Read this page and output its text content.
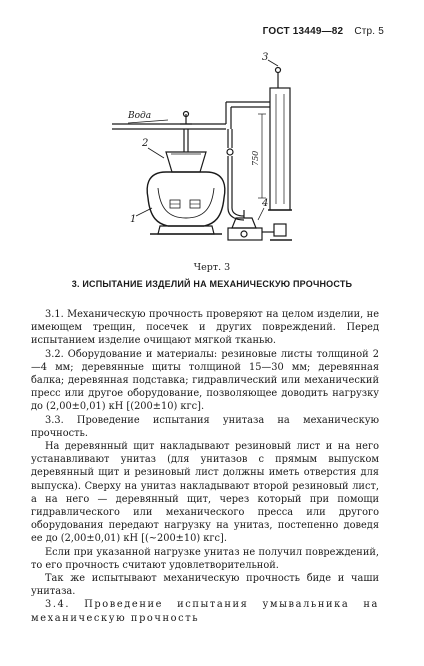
ГОСТ 13449—82 Стр. 5
Вода
750
1
2
3
4
Черт. 3
3. ИСПЫТАНИЕ ИЗДЕЛИЙ НА МЕХАНИЧЕСКУЮ ПРОЧНОСТЬ

3.1. Механическую прочность проверяют на целом изделии, не имеющем трещин, посечек и других повреждений. Перед испытанием изделие очищают мягкой тканью.

3.2. Оборудование и материалы: резиновые листы толщиной 2—4 мм; деревянные щиты толщиной 15—30 мм; деревянная балка; деревянная подставка; гидравлический или механический пресс или другое оборудование, позволяющее доводить нагрузку до (2,00±0,01) кН [(200±10) кгс].

3.3. Проведение испытания унитаза на механическую прочность.

На деревянный щит накладывают резиновый лист и на него устанавливают унитаз (для унитазов с прямым выпуском деревянный щит и резиновый лист должны иметь отверстия для выпуска). Сверху на унитаз накладывают второй резиновый лист, а на него — деревянный щит, через который при помощи гидравлического или механического пресса или другого оборудования передают нагрузку на унитаз, постепенно доведя ее до (2,00±0,01) кН [(~200±10) кгс].

Если при указанной нагрузке унитаз не получил повреждений, то его прочность считают удовлетворительной.

Так же испытывают механическую прочность биде и чаши унитаза.

3.4. Проведение испытания умывальника на механическую прочность
